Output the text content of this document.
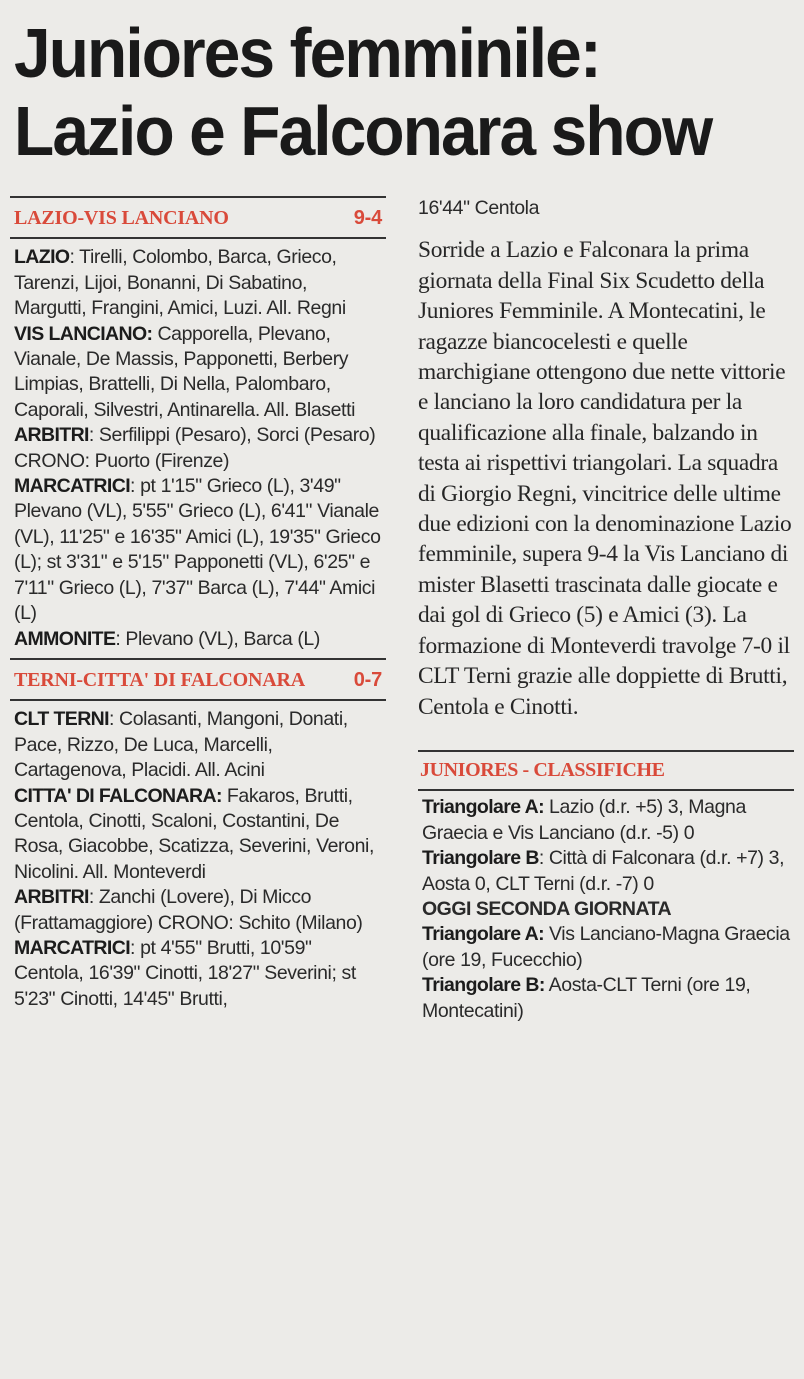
Juniores femminile:
Lazio e Falconara show
LAZIO-VIS LANCIANO	9-4

LAZIO: Tirelli, Colombo, Barca, Grieco, Tarenzi, Lijoi, Bonanni, Di Sabatino, Margutti, Frangini, Amici, Luzi. All. Regni

VIS LANCIANO: Capporella, Plevano, Vianale, De Massis, Papponetti, Berbery Limpias, Brattelli, Di Nella, Palombaro, Caporali, Silvestri, Antinarella. All. Blasetti

ARBITRI: Serfilippi (Pesaro), Sorci (Pesaro) CRONO: Puorto (Firenze)

MARCATRICI: pt 1'15" Grieco (L), 3'49" Plevano (VL), 5'55" Grieco (L), 6'41" Vianale (VL), 11'25" e 16'35" Amici (L), 19'35" Grieco (L); st 3'31" e 5'15" Papponetti (VL), 6'25" e 7'11" Grieco (L), 7'37" Barca (L), 7'44" Amici (L)

AMMONITE: Plevano (VL), Barca (L)

TERNI-CITTA' DI FALCONARA 0-7

CLT TERNI: Colasanti, Mangoni, Donati, Pace, Rizzo, De Luca, Marcelli, Cartagenova, Placidi. All. Acini

CITTA' DI FALCONARA: Fakaros, Brutti, Centola, Cinotti, Scaloni, Costantini, De Rosa, Giacobbe, Scatizza, Severini, Veroni, Nicolini. All. Monteverdi

ARBITRI: Zanchi (Lovere), Di Micco (Frattamaggiore) CRONO: Schito (Milano)

MARCATRICI: pt 4'55" Brutti, 10'59" Centola, 16'39" Cinotti, 18'27" Severini; st 5'23" Cinotti, 14'45" Brutti,

16'44" Centola

Sorride a Lazio e Falconara la prima giornata della Final Six Scudetto della Juniores Femminile. A Montecatini, le ragazze biancocelesti e quelle marchigiane ottengono due nette vittorie e lanciano la loro candidatura per la qualificazione alla finale, balzando in testa ai rispettivi triangolari. La squadra di Giorgio Regni, vincitrice delle ultime due edizioni con la denominazione Lazio femminile, supera 9-4 la Vis Lanciano di mister Blasetti trascinata dalle giocate e dai gol di Grieco (5) e Amici (3). La formazione di Monteverdi travolge 7-0 il CLT Terni grazie alle doppiette di Brutti, Centola e Cinotti.

JUNIORES - CLASSIFICHE

Triangolare A: Lazio (d.r. +5) 3, Magna Graecia e Vis Lanciano (d.r. -5) 0

Triangolare B: Città di Falconara (d.r. +7) 3, Aosta 0, CLT Terni (d.r. -7) 0

OGGI SECONDA GIORNATA

Triangolare A: Vis Lanciano-Magna Graecia (ore 19, Fucecchio)

Triangolare B: Aosta-CLT Terni (ore 19, Montecatini)
